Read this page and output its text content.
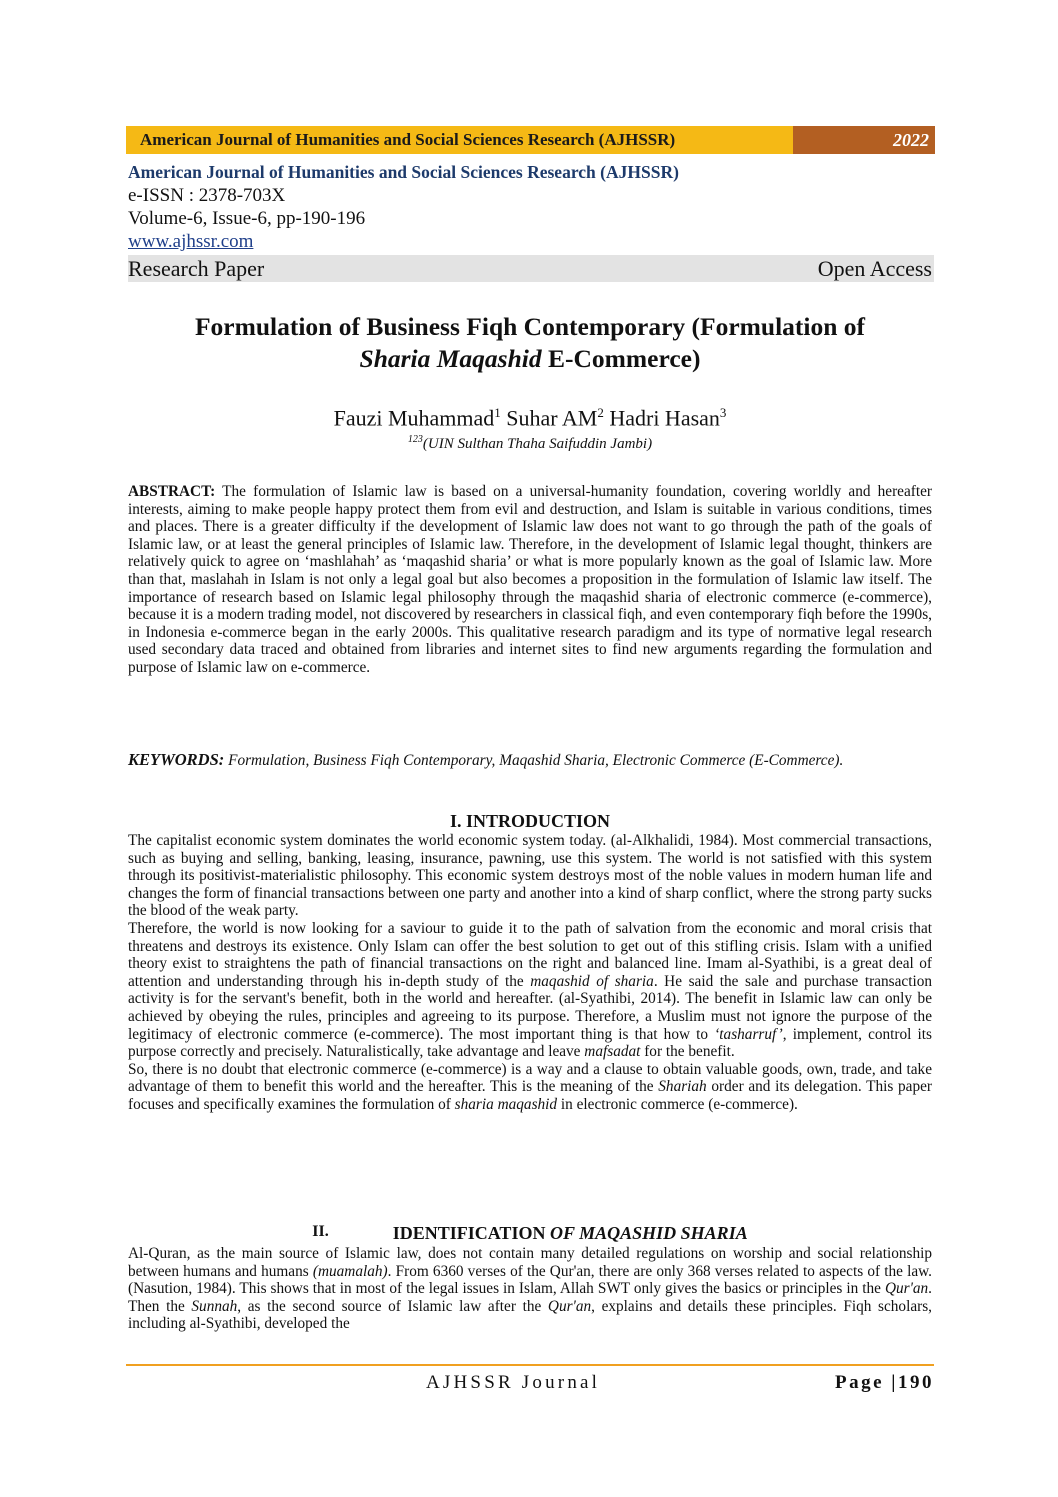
American Journal of Humanities and Social Sciences Research (AJHSSR)	2022
American Journal of Humanities and Social Sciences Research (AJHSSR)
e-ISSN : 2378-703X
Volume-6, Issue-6, pp-190-196
www.ajhssr.com
Research Paper	Open Access
Formulation of Business Fiqh Contemporary (Formulation of
Sharia Maqashid E-Commerce)
Fauzi Muhammad$^1$ Suhar $AM^2$ Hadri Hasan$^3$
$^{123}$(UIN Sulthan Thaha Saifuddin Jambi)

ABSTRACT: The formulation of Islamic law is based on a universal-humanity foundation, covering worldly and hereafter interests, aiming to make people happy protect them from evil and destruction, and Islam is suitable in various conditions, times and places. There is a greater difficulty if the development of Islamic law does not want to go through the path of the goals of Islamic law, or at least the general principles of Islamic law. Therefore, in the development of Islamic legal thought, thinkers are relatively quick to agree on ‘mashlahah’ as ‘maqashid sharia’ or what is more popularly known as the goal of Islamic law. More than that, maslahah in Islam is not only a legal goal but also becomes a proposition in the formulation of Islamic law itself. The importance of research based on Islamic legal philosophy through the maqashid sharia of electronic commerce (e-commerce), because it is a modern trading model, not discovered by researchers in classical fiqh, and even contemporary fiqh before the 1990s, in Indonesia e-commerce began in the early 2000s. This qualitative research paradigm and its type of normative legal research used secondary data traced and obtained from libraries and internet sites to find new arguments regarding the formulation and purpose of Islamic law on e-commerce.

KEYWORDS: Formulation, Business Fiqh Contemporary, Maqashid Sharia, Electronic Commerce (E-Commerce).

I. INTRODUCTION

The capitalist economic system dominates the world economic system today. (al-Alkhalidi, 1984). Most commercial transactions, such as buying and selling, banking, leasing, insurance, pawning, use this system. The world is not satisfied with this system through its positivist-materialistic philosophy. This economic system destroys most of the noble values in modern human life and changes the form of financial transactions between one party and another into a kind of sharp conflict, where the strong party sucks the blood of the weak party.

Therefore, the world is now looking for a saviour to guide it to the path of salvation from the economic and moral crisis that threatens and destroys its existence. Only Islam can offer the best solution to get out of this stifling crisis. Islam with a unified theory exist to straightens the path of financial transactions on the right and balanced line. Imam al-Syathibi, is a great deal of attention and understanding through his in-depth study of the maqashid of sharia. He said the sale and purchase transaction activity is for the servant's benefit, both in the world and hereafter. (al-Syathibi, 2014). The benefit in Islamic law can only be achieved by obeying the rules, principles and agreeing to its purpose. Therefore, a Muslim must not ignore the purpose of the legitimacy of electronic commerce (e-commerce). The most important thing is that how to ‘tasharruf’, implement, control its purpose correctly and precisely. Naturalistically, take advantage and leave mafsadat for the benefit.

So, there is no doubt that electronic commerce (e-commerce) is a way and a clause to obtain valuable goods, own, trade, and take advantage of them to benefit this world and the hereafter. This is the meaning of the Shariah order and its delegation. This paper focuses and specifically examines the formulation of sharia maqashid in electronic commerce (e-commerce).

II.	IDENTIFICATION OF MAQASHID SHARIA

Al-Quran, as the main source of Islamic law, does not contain many detailed regulations on worship and social relationship between humans and humans (muamalah). From 6360 verses of the Qur'an, there are only 368 verses related to aspects of the law. (Nasution, 1984). This shows that in most of the legal issues in Islam, Allah SWT only gives the basics or principles in the Qur'an. Then the Sunnah, as the second source of Islamic law after the Qur'an, explains and details these principles. Fiqh scholars, including al-Syathibi, developed the

AJHSSR Journal	Page |190
